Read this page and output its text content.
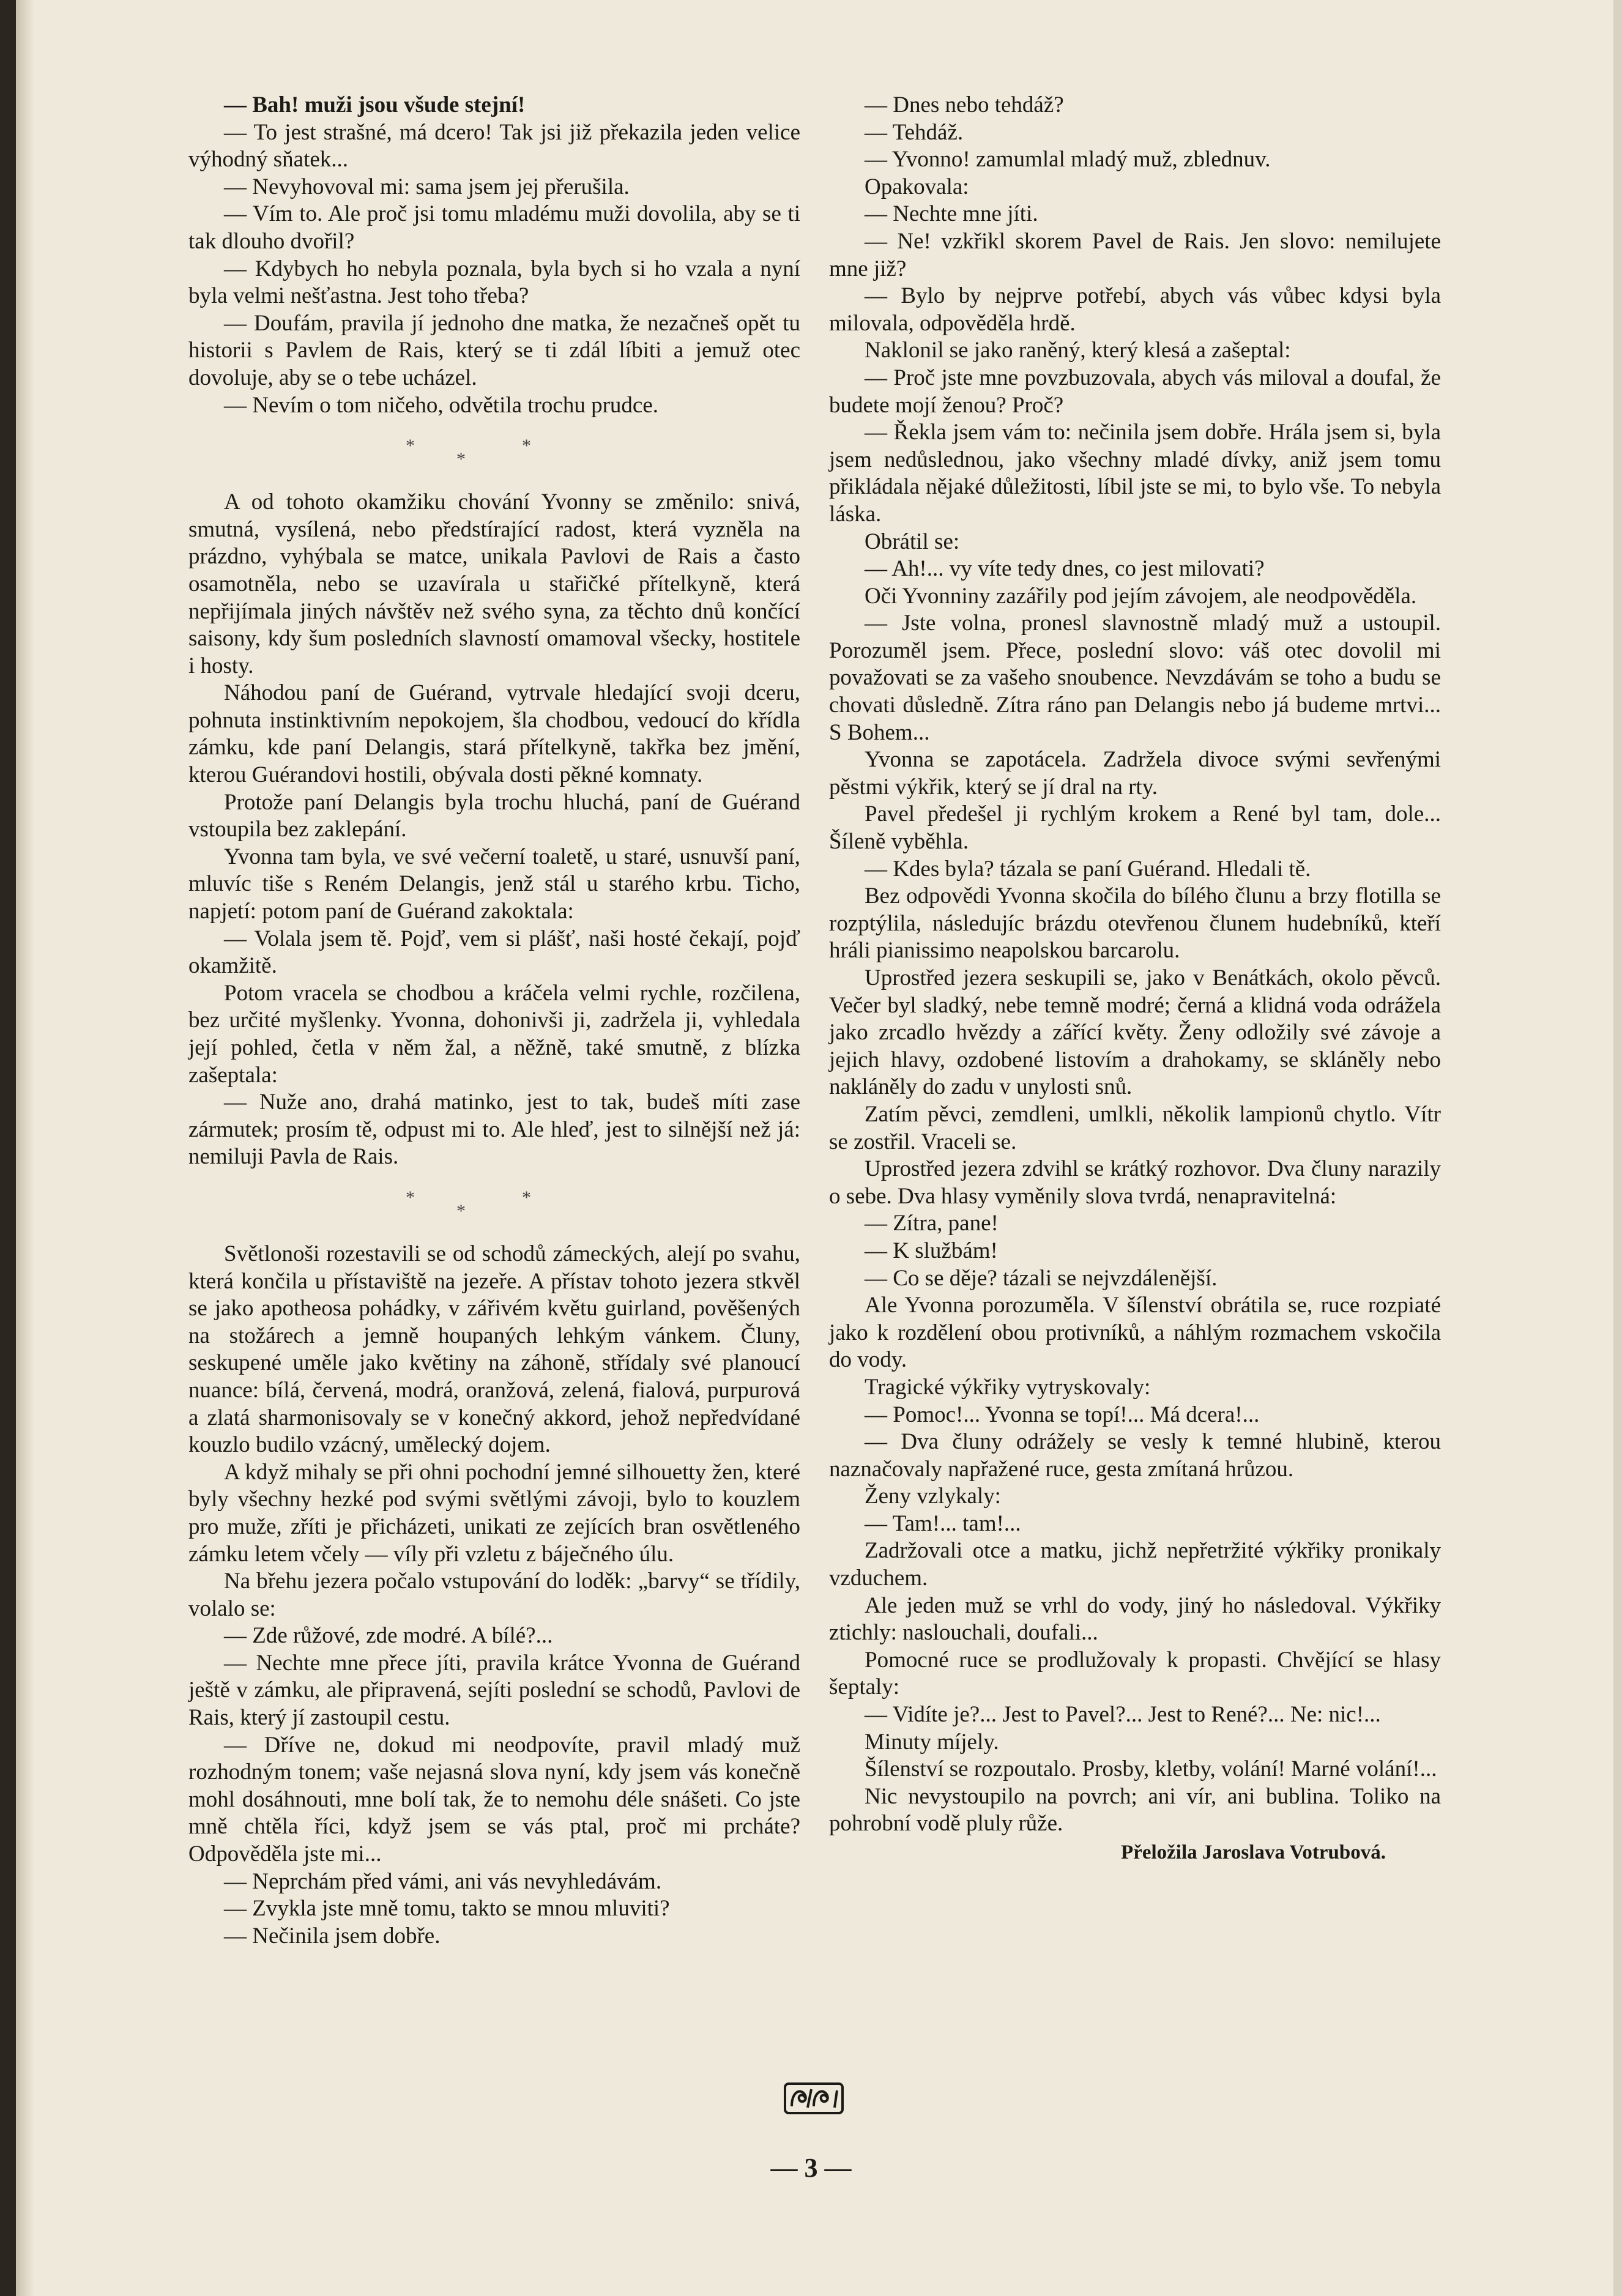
— Bah! muži jsou všude stejní!

— To jest strašné, má dcero! Tak jsi již překazila jeden velice výhodný sňatek...

— Nevyhovoval mi: sama jsem jej přerušila.

— Vím to. Ale proč jsi tomu mladému muži dovolila, aby se ti tak dlouho dvořil?

— Kdybych ho nebyla poznala, byla bych si ho vzala a nyní byla velmi nešťastna. Jest toho třeba?

— Doufám, pravila jí jednoho dne matka, že nezačneš opět tu historii s Pavlem de Rais, který se ti zdál líbiti a jemuž otec dovoluje, aby se o tebe ucházel.

— Nevím o tom ničeho, odvětila trochu prudce.

*
*
*

A od tohoto okamžiku chování Yvonny se změnilo: snivá, smutná, vysílená, nebo předstírající radost, která vyzněla na prázdno, vyhýbala se matce, unikala Pavlovi de Rais a často osamotněla, nebo se uzavírala u stařičké přítelkyně, která nepřijímala jiných návštěv než svého syna, za těchto dnů končící saisony, kdy šum posledních slavností omamoval všecky, hostitele i hosty.

Náhodou paní de Guérand, vytrvale hledající svoji dceru, pohnuta instinktivním nepokojem, šla chodbou, vedoucí do křídla zámku, kde paní Delangis, stará přítelkyně, takřka bez jmění, kterou Guérandovi hostili, obývala dosti pěkné komnaty.

Protože paní Delangis byla trochu hluchá, paní de Guérand vstoupila bez zaklepání.

Yvonna tam byla, ve své večerní toaletě, u staré, usnuvší paní, mluvíc tiše s Reném Delangis, jenž stál u starého krbu. Ticho, napjetí: potom paní de Guérand zakoktala:

— Volala jsem tě. Pojď, vem si plášť, naši hosté čekají, pojď okamžitě.

Potom vracela se chodbou a kráčela velmi rychle, rozčilena, bez určité myšlenky. Yvonna, dohonivši ji, zadržela ji, vyhledala její pohled, četla v něm žal, a něžně, také smutně, z blízka zašeptala:

— Nuže ano, drahá matinko, jest to tak, budeš míti zase zármutek; prosím tě, odpust mi to. Ale hleď, jest to silnější než já: nemiluji Pavla de Rais.

*
*
*

Světlonoši rozestavili se od schodů zámeckých, alejí po svahu, která končila u přístaviště na jezeře. A přístav tohoto jezera stkvěl se jako apotheosa pohádky, v zářivém květu guirland, pověšených na stožárech a jemně houpaných lehkým vánkem. Čluny, seskupené uměle jako květiny na záhoně, střídaly své planoucí nuance: bílá, červená, modrá, oranžová, zelená, fialová, purpurová a zlatá sharmonisovaly se v konečný akkord, jehož nepředvídané kouzlo budilo vzácný, umělecký dojem.

A když mihaly se při ohni pochodní jemné silhouetty žen, které byly všechny hezké pod svými světlými závoji, bylo to kouzlem pro muže, zříti je přicházeti, unikati ze zejících bran osvětleného zámku letem včely — víly při vzletu z báječného úlu.

Na břehu jezera počalo vstupování do loděk: „barvy“ se třídily, volalo se:

— Zde růžové, zde modré. A bílé?...

— Nechte mne přece jíti, pravila krátce Yvonna de Guérand ještě v zámku, ale připravená, sejíti poslední se schodů, Pavlovi de Rais, který jí zastoupil cestu.

— Dříve ne, dokud mi neodpovíte, pravil mladý muž rozhodným tonem; vaše nejasná slova nyní, kdy jsem vás konečně mohl dosáhnouti, mne bolí tak, že to nemohu déle snášeti. Co jste mně chtěla říci, když jsem se vás ptal, proč mi prcháte? Odpověděla jste mi...

— Neprchám před vámi, ani vás nevyhledávám.

— Zvykla jste mně tomu, takto se mnou mluviti?

— Nečinila jsem dobře.

— Dnes nebo tehdáž?

— Tehdáž.

— Yvonno! zamumlal mladý muž, zblednuv.

Opakovala:

— Nechte mne jíti.

— Ne! vzkřikl skorem Pavel de Rais. Jen slovo: nemilujete mne již?

— Bylo by nejprve potřebí, abych vás vůbec kdysi byla milovala, odpověděla hrdě.

Naklonil se jako raněný, který klesá a zašeptal:

— Proč jste mne povzbuzovala, abych vás miloval a doufal, že budete mojí ženou? Proč?

— Řekla jsem vám to: nečinila jsem dobře. Hrála jsem si, byla jsem nedůslednou, jako všechny mladé dívky, aniž jsem tomu přikládala nějaké důležitosti, líbil jste se mi, to bylo vše. To nebyla láska.

Obrátil se:

— Ah!... vy víte tedy dnes, co jest milovati?

Oči Yvonniny zazářily pod jejím závojem, ale neodpověděla.

— Jste volna, pronesl slavnostně mladý muž a ustoupil. Porozuměl jsem. Přece, poslední slovo: váš otec dovolil mi považovati se za vašeho snoubence. Nevzdávám se toho a budu se chovati důsledně. Zítra ráno pan Delangis nebo já budeme mrtvi... S Bohem...

Yvonna se zapotácela. Zadržela divoce svými sevřenými pěstmi výkřik, který se jí dral na rty.

Pavel předešel ji rychlým krokem a René byl tam, dole... Šíleně vyběhla.

— Kdes byla? tázala se paní Guérand. Hledali tě.

Bez odpovědi Yvonna skočila do bílého člunu a brzy flotilla se rozptýlila, následujíc brázdu otevřenou člunem hudebníků, kteří hráli pianissimo neapolskou barcarolu.

Uprostřed jezera seskupili se, jako v Benátkách, okolo pěvců. Večer byl sladký, nebe temně modré; černá a klidná voda odrážela jako zrcadlo hvězdy a zářící květy. Ženy odložily své závoje a jejich hlavy, ozdobené listovím a drahokamy, se skláněly nebo nakláněly do zadu v unylosti snů.

Zatím pěvci, zemdleni, umlkli, několik lampionů chytlo. Vítr se zostřil. Vraceli se.

Uprostřed jezera zdvihl se krátký rozhovor. Dva čluny narazily o sebe. Dva hlasy vyměnily slova tvrdá, nenapravitelná:

— Zítra, pane!

— K službám!

— Co se děje? tázali se nejvzdálenější.

Ale Yvonna porozuměla. V šílenství obrátila se, ruce rozpiaté jako k rozdělení obou protivníků, a náhlým rozmachem vskočila do vody.

Tragické výkřiky vytryskovaly:

— Pomoc!... Yvonna se topí!... Má dcera!...

— Dva čluny odrážely se vesly k temné hlubině, kterou naznačovaly napřažené ruce, gesta zmítaná hrůzou.

Ženy vzlykaly:

— Tam!... tam!...

Zadržovali otce a matku, jichž nepřetržité výkřiky pronikaly vzduchem.

Ale jeden muž se vrhl do vody, jiný ho následoval. Výkřiky ztichly: naslouchali, doufali...

Pomocné ruce se prodlužovaly k propasti. Chvějící se hlasy šeptaly:

— Vidíte je?... Jest to Pavel?... Jest to René?... Ne: nic!...

Minuty míjely.

Šílenství se rozpoutalo. Prosby, kletby, volání! Marné volání!...

Nic nevystoupilo na povrch; ani vír, ani bublina. Toliko na pohrobní vodě pluly růže.

Přeložila Jaroslava Votrubová.
— 3 —
